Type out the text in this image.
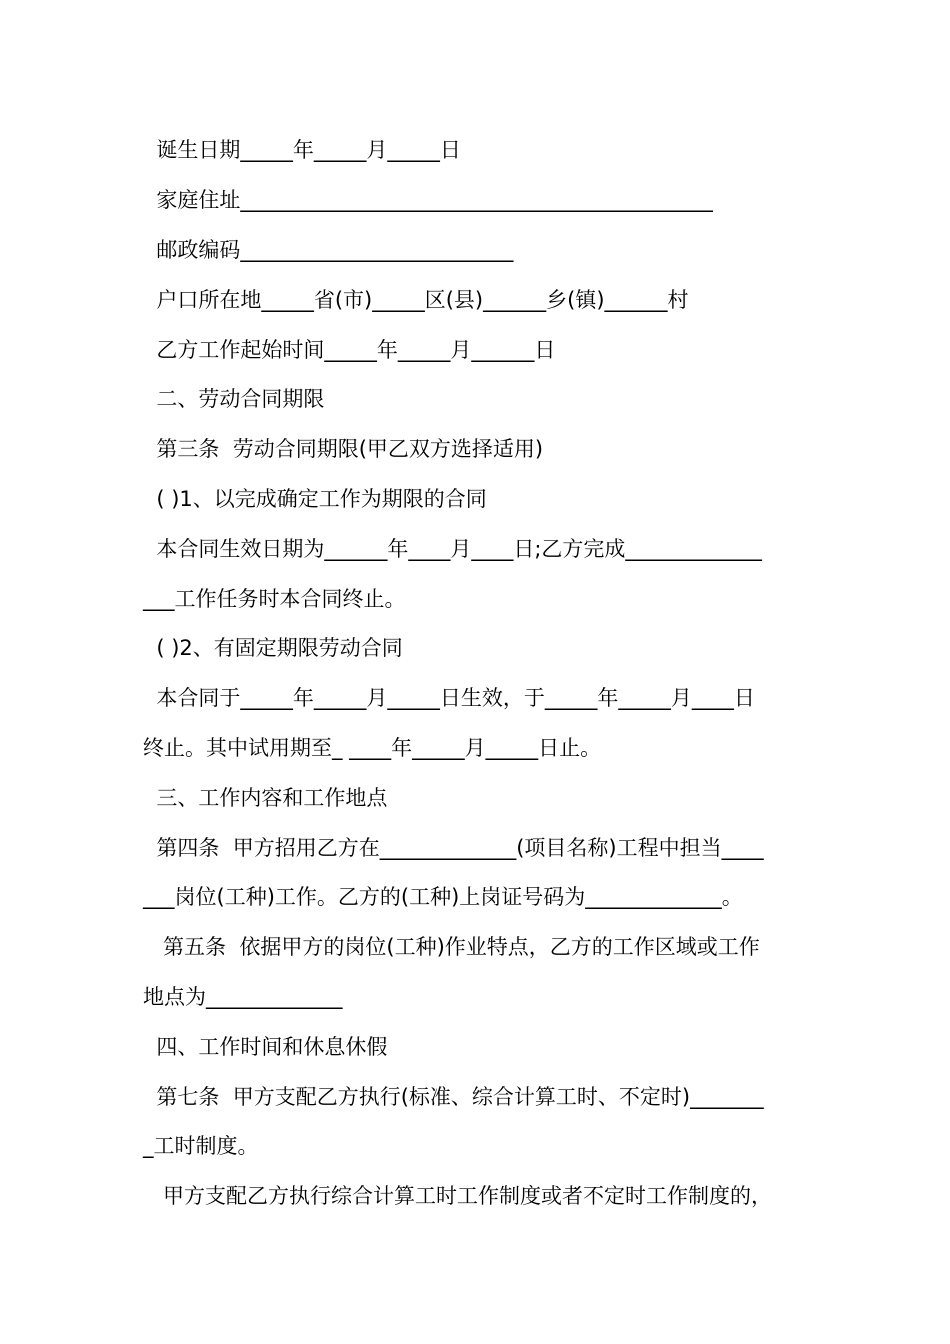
诞生日期_____年_____月_____日
家庭住址_____________________________________________
邮政编码__________________________
户口所在地_____省(市)_____区(县)______乡(镇)______村
乙方工作起始时间_____年_____月______日
二、劳动合同期限
第三条  劳动合同期限(甲乙双方选择适用)
( )1、以完成确定工作为期限的合同
本合同生效日期为______年____月____日;乙方完成_____________
___工作任务时本合同终止。
( )2、有固定期限劳动合同
本合同于_____年_____月_____日生效，于_____年_____月____日
终止。其中试用期至_ ____年_____月_____日止。
三、工作内容和工作地点
第四条  甲方招用乙方在_____________(项目名称)工程中担当____
___岗位(工种)工作。乙方的(工种)上岗证号码为_____________。
第五条  依据甲方的岗位(工种)作业特点，乙方的工作区域或工作
地点为_____________
四、工作时间和休息休假
第七条  甲方支配乙方执行(标准、综合计算工时、不定时)_______
_工时制度。
甲方支配乙方执行综合计算工时工作制度或者不定时工作制度的，
